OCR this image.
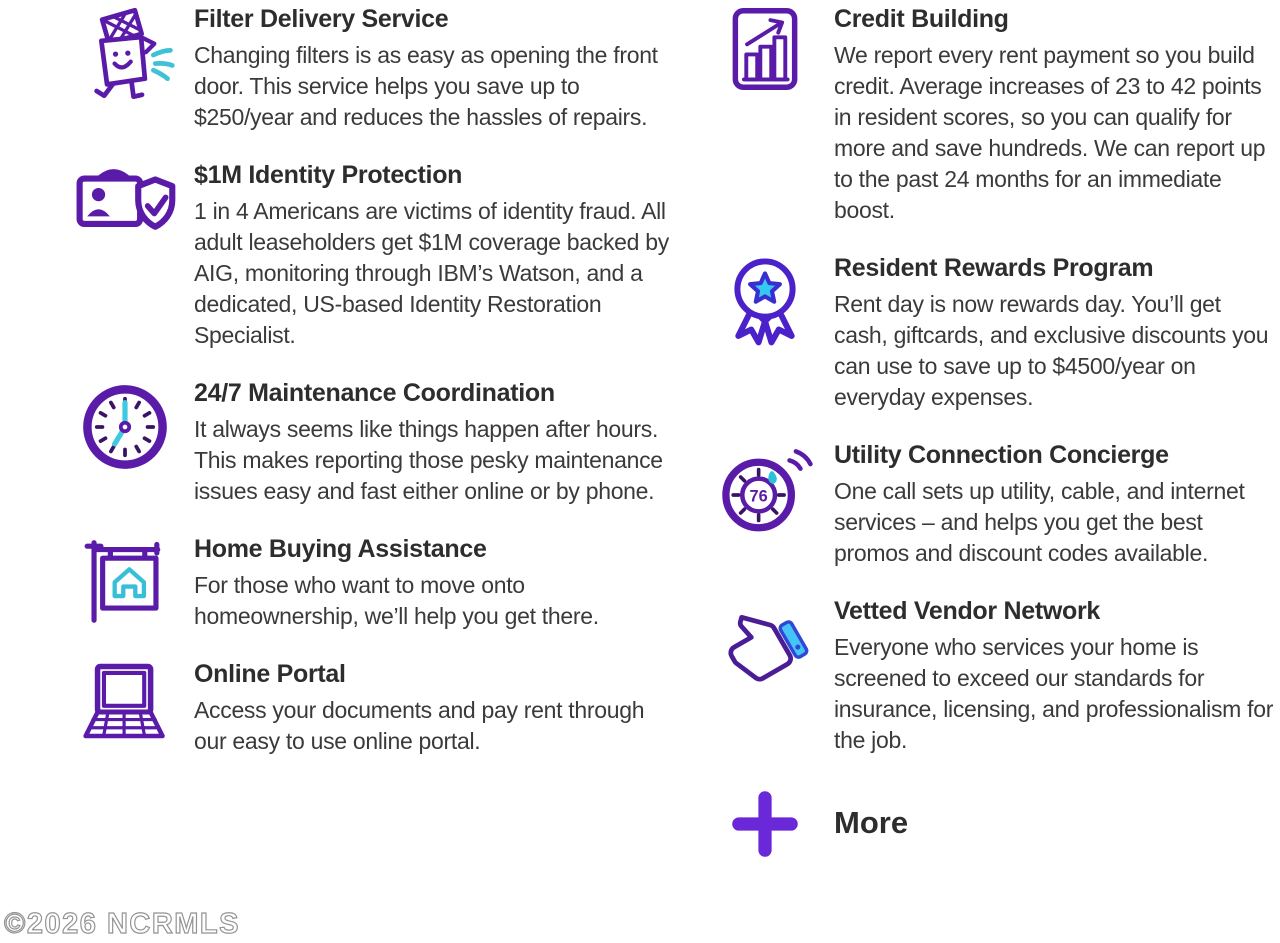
Filter Delivery Service

Changing filters is as easy as opening the front door. This service helps you save up to $250/year and reduces the hassles of repairs.

$1M Identity Protection

1 in 4 Americans are victims of identity fraud. All adult leaseholders get $1M coverage backed by AIG, monitoring through IBM’s Watson, and a dedicated, US-based Identity Restoration Specialist.

24/7 Maintenance Coordination

It always seems like things happen after hours. This makes reporting those pesky maintenance issues easy and fast either online or by phone.

Home Buying Assistance

For those who want to move onto homeownership, we’ll help you get there.

Online Portal

Access your documents and pay rent through our easy to use online portal.

Credit Building

We report every rent payment so you build credit. Average increases of 23 to 42 points in resident scores, so you can qualify for more and save hundreds. We can report up to the past 24 months for an immediate boost.

Resident Rewards Program

Rent day is now rewards day. You’ll get cash, giftcards, and exclusive discounts you can use to save up to $4500/year on everyday expenses.

76
Utility Connection Concierge

One call sets up utility, cable, and internet services – and helps you get the best promos and discount codes available.

Vetted Vendor Network

Everyone who services your home is screened to exceed our standards for insurance, licensing, and professionalism for the job.

More
©2026 NCRMLS
